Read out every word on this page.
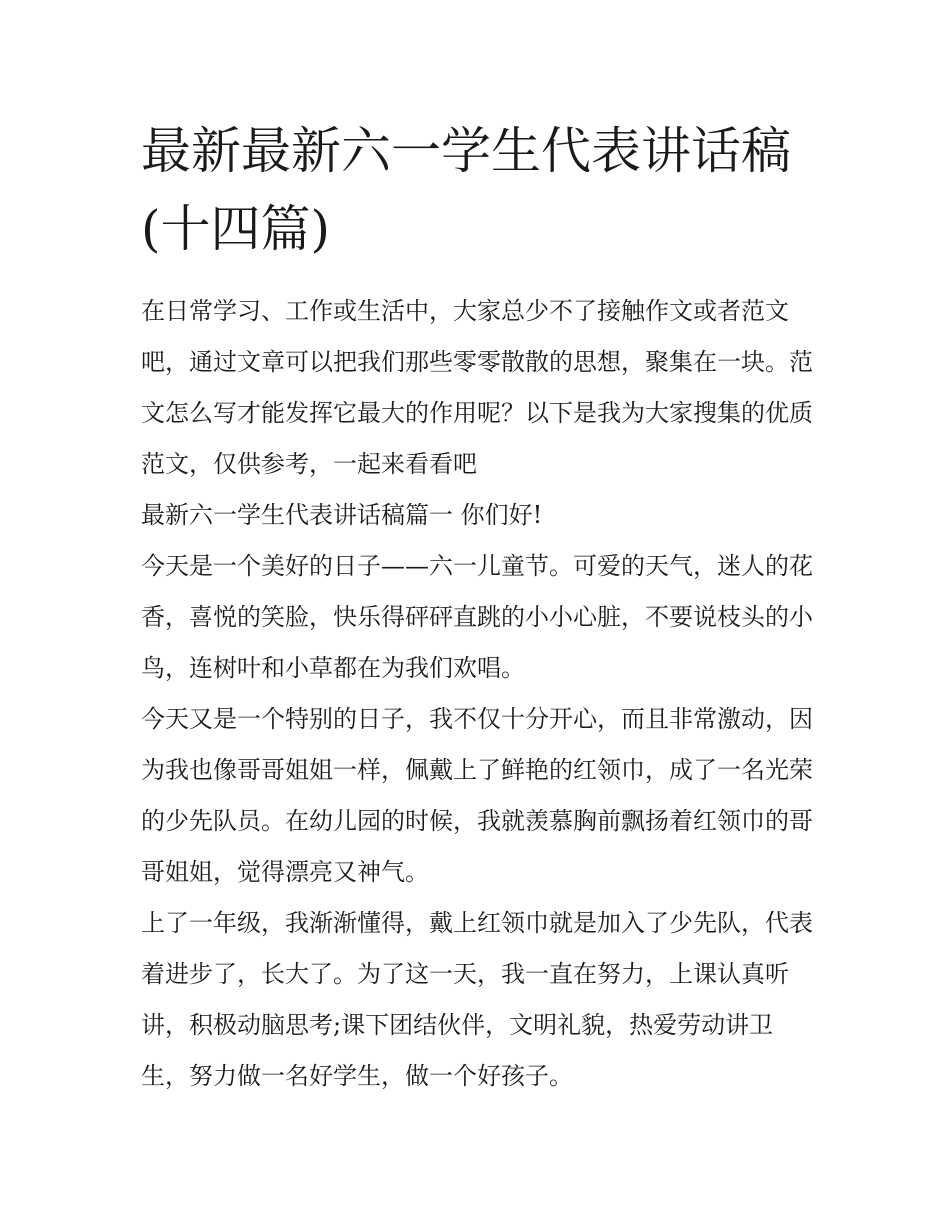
最新最新六一学生代表讲话稿
(十四篇)

在日常学习、工作或生活中，大家总少不了接触作文或者范文吧，通过文章可以把我们那些零零散散的思想，聚集在一块。范文怎么写才能发挥它最大的作用呢？以下是我为大家搜集的优质范文，仅供参考，一起来看看吧

最新六一学生代表讲话稿篇一 你们好!

今天是一个美好的日子——六一儿童节。可爱的天气，迷人的花香，喜悦的笑脸，快乐得砰砰直跳的小小心脏，不要说枝头的小鸟，连树叶和小草都在为我们欢唱。

今天又是一个特别的日子，我不仅十分开心，而且非常激动，因为我也像哥哥姐姐一样，佩戴上了鲜艳的红领巾，成了一名光荣的少先队员。在幼儿园的时候，我就羡慕胸前飘扬着红领巾的哥哥姐姐，觉得漂亮又神气。

上了一年级，我渐渐懂得，戴上红领巾就是加入了少先队，代表着进步了，长大了。为了这一天，我一直在努力，上课认真听讲，积极动脑思考;课下团结伙伴，文明礼貌，热爱劳动讲卫生，努力做一名好学生，做一个好孩子。
